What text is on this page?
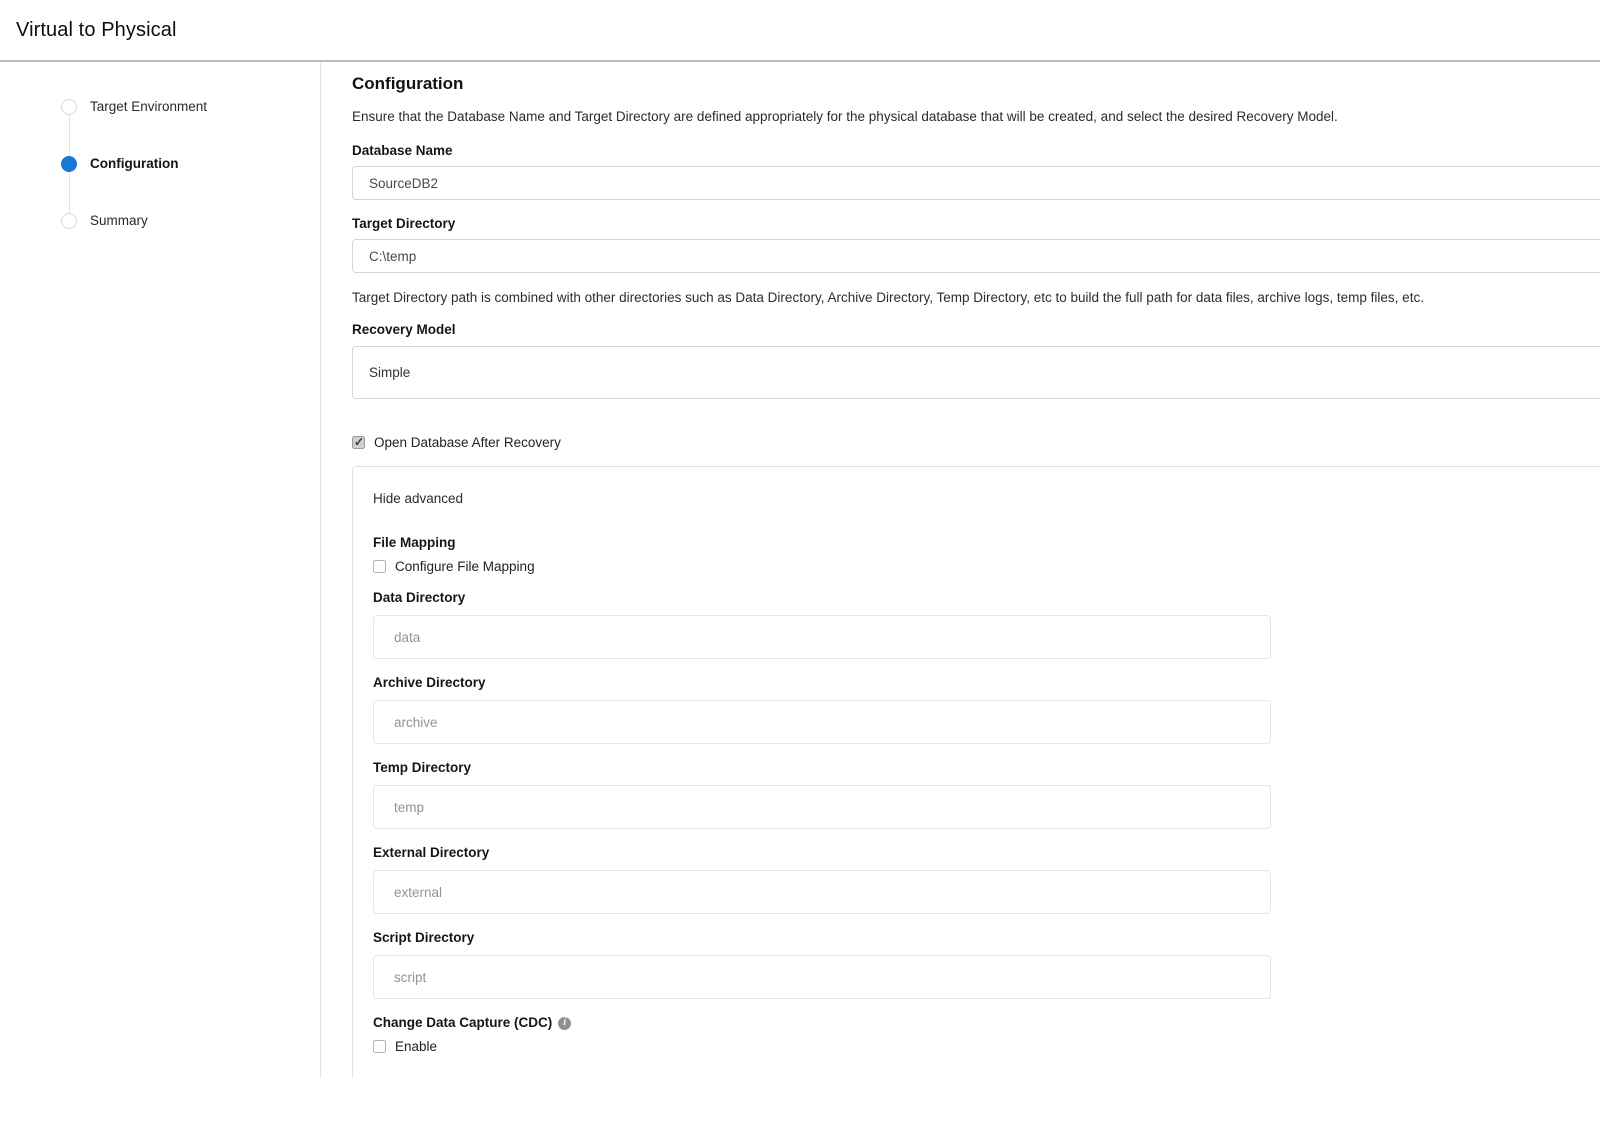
Virtual to Physical
Target Environment
Configuration
Summary
Configuration
Ensure that the Database Name and Target Directory are defined appropriately for the physical database that will be created, and select the desired Recovery Model.
Database Name
SourceDB2
Target Directory
C:\temp
Target Directory path is combined with other directories such as Data Directory, Archive Directory, Temp Directory, etc to build the full path for data files, archive logs, temp files, etc.
Recovery Model
Simple
✓
Open Database After Recovery
Hide advanced
File Mapping
Configure File Mapping
Data Directory
data
Archive Directory
archive
Temp Directory
temp
External Directory
external
Script Directory
script
Change Data Capture (CDC)
i
Enable
